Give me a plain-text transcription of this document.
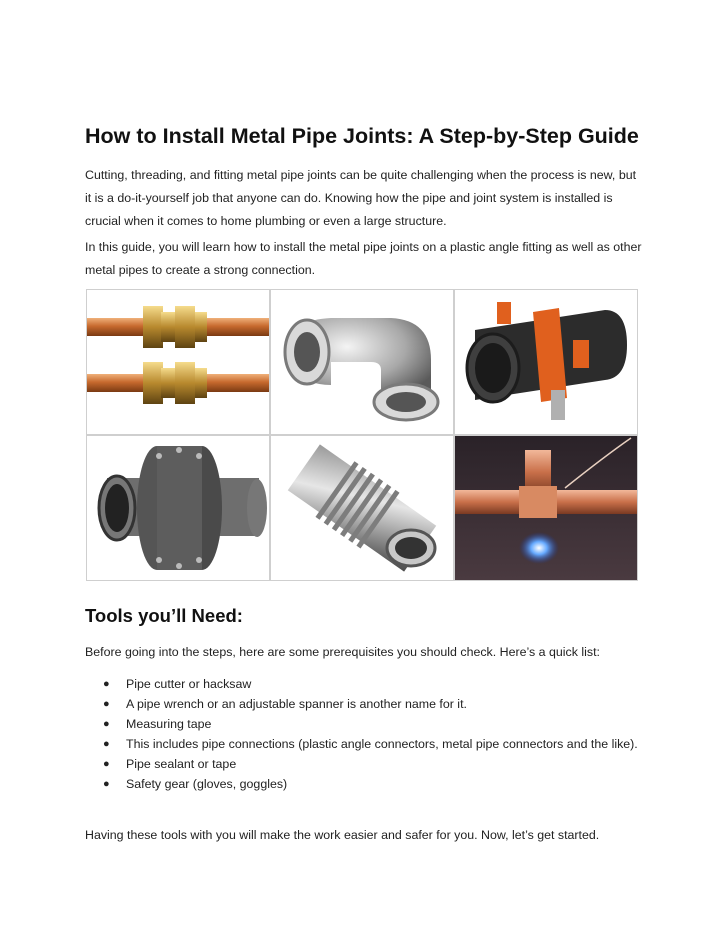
How to Install Metal Pipe Joints: A Step-by-Step Guide

Cutting, threading, and fitting metal pipe joints can be quite challenging when the process is new, but it is a do-it-yourself job that anyone can do. Knowing how the pipe and joint system is installed is crucial when it comes to home plumbing or even a large structure.

In this guide, you will learn how to install the metal pipe joints on a plastic angle fitting as well as other metal pipes to create a strong connection.

Tools you’ll Need:

Before going into the steps, here are some prerequisites you should check. Here’s a quick list:

● Pipe cutter or hacksaw
● A pipe wrench or an adjustable spanner is another name for it.
● Measuring tape
● This includes pipe connections (plastic angle connectors, metal pipe connectors and the like).
● Pipe sealant or tape
● Safety gear (gloves, goggles)

Having these tools with you will make the work easier and safer for you. Now, let’s get started.
